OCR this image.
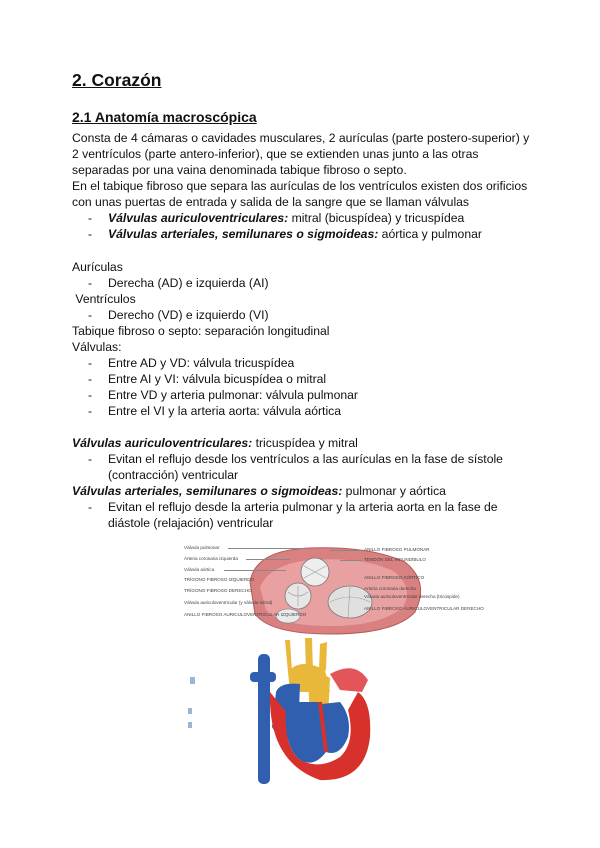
2. Corazón
2.1 Anatomía macroscópica
Consta de 4 cámaras o cavidades musculares, 2 aurículas (parte postero-superior) y
2 ventrículos (parte antero-inferior), que se extienden unas junto a las otras
separadas por una vaina denominada tabique fibroso o septo.
En el tabique fibroso que separa las aurículas de los ventrículos existen dos orificios
con unas puertas de entrada y salida de la sangre que se llaman válvulas
- Válvulas auriculoventriculares: mitral (bicuspídea) y tricuspídea
- Válvulas arteriales, semilunares o sigmoideas: aórtica y pulmonar
Aurículas
- Derecha (AD) e izquierda (AI)
Ventrículos
- Derecho (VD) e izquierdo (VI)
Tabique fibroso o septo: separación longitudinal
Válvulas:
- Entre AD y VD: válvula tricuspídea
- Entre AI y VI: válvula bicuspídea o mitral
- Entre VD y arteria pulmonar: válvula pulmonar
- Entre el VI y la arteria aorta: válvula aórtica
Válvulas auriculoventriculares: tricuspídea y mitral
- Evitan el reflujo desde los ventrículos a las aurículas en la fase de sístole
(contracción) ventricular
Válvulas arteriales, semilunares o sigmoideas: pulmonar y aórtica
- Evitan el reflujo desde la arteria pulmonar y la arteria aorta en la fase de
diástole (relajación) ventricular
Válvula pulmonar
Arteria coronaria izquierda
Válvula aórtica
TRÍGONO FIBROSO IZQUIERDO
TRÍGONO FIBROSO DERECHO
Válvula auriculoventricular (y válvula mitral)
ANILLO FIBROSO AURICULOVENTRICULAR IZQUIERDO
ANILLO FIBROSO PULMONAR
TENDÓN DEL INFUNDÍBULO
ANILLO FIBROSO AÓRTICO
Arteria coronaria derecha
Válvula auriculoventricular derecha (tricúspide)
ANILLO FIBROSO AURICULOVENTRICULAR DERECHO
